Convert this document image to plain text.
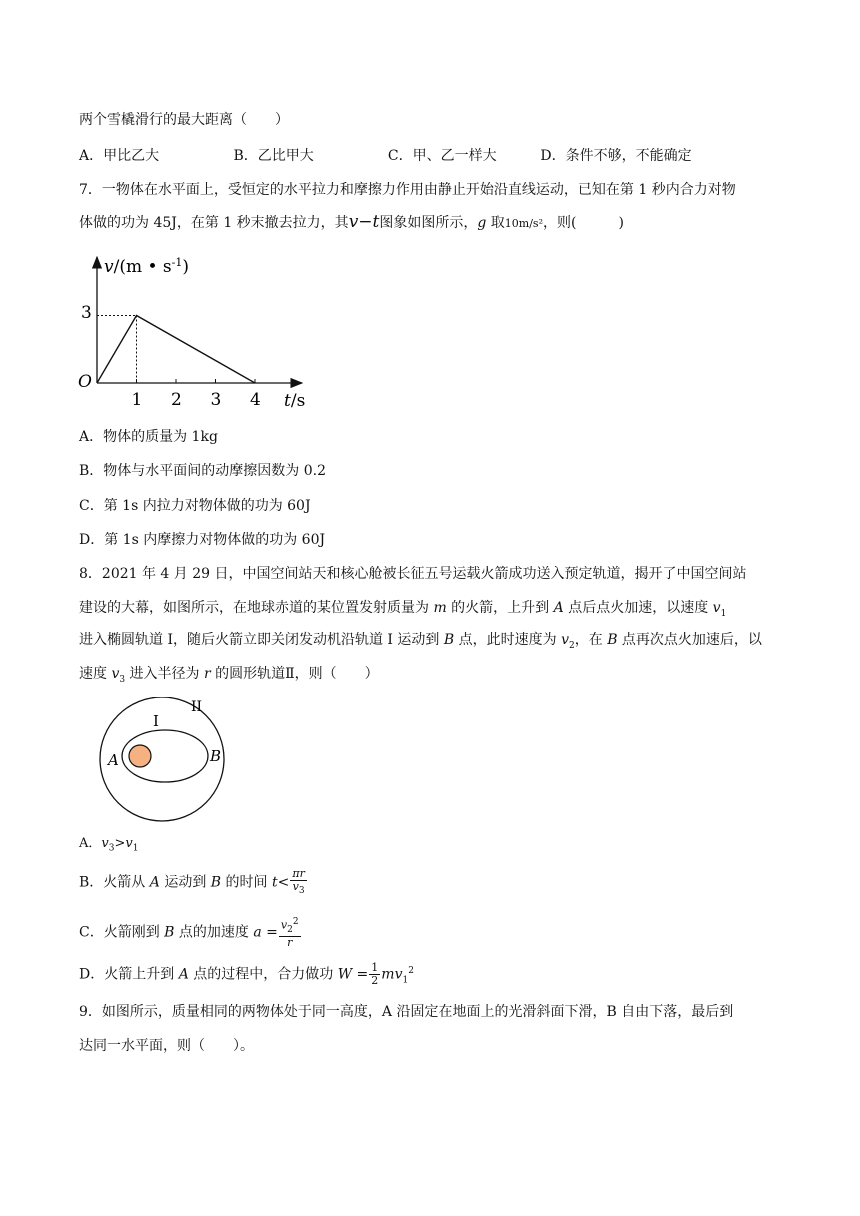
两个雪橇滑行的最大距离（　　）
A．甲比乙大	B．乙比甲大	C．甲、乙一样大	D．条件不够，不能确定
7．一物体在水平面上，受恒定的水平拉力和摩擦力作用由静止开始沿直线运动，已知在第 1 秒内合力对物
体做的功为 45J，在第 1 秒末撤去拉力，其v−t图象如图所示，g 取10m/s²，则(　　　)
v/(m • $s^{-1}$)
t/s
O
3
1 2 3 4
A．物体的质量为 1kg
B．物体与水平面间的动摩擦因数为 0.2
C．第 1s 内拉力对物体做的功为 60J
D．第 1s 内摩擦力对物体做的功为 60J
8．2021 年 4 月 29 日，中国空间站天和核心舱被长征五号运载火箭成功送入预定轨道，揭开了中国空间站
建设的大幕，如图所示，在地球赤道的某位置发射质量为 m 的火箭，上升到 A 点后点火加速，以速度 $v_1$
进入椭圆轨道 I，随后火箭立即关闭发动机沿轨道 I 运动到 B 点，此时速度为 $v_2$，在 B 点再次点火加速后，以
速度 $v_3$ 进入半径为 r 的圆形轨道Ⅱ，则（　　）
I
II
A	B
A．$v_3>v_1$
B．火箭从 A 运动到 B 的时间 $t< \frac{\pi r}{v_3}$
C．火箭刚到 B 点的加速度 $a = \frac{v_2^2}{r}$
D．火箭上升到 A 点的过程中，合力做功 $W = \frac{1}{2} mv_1^2$
9．如图所示，质量相同的两物体处于同一高度，A 沿固定在地面上的光滑斜面下滑，B 自由下落，最后到
达同一水平面，则（　　）。
